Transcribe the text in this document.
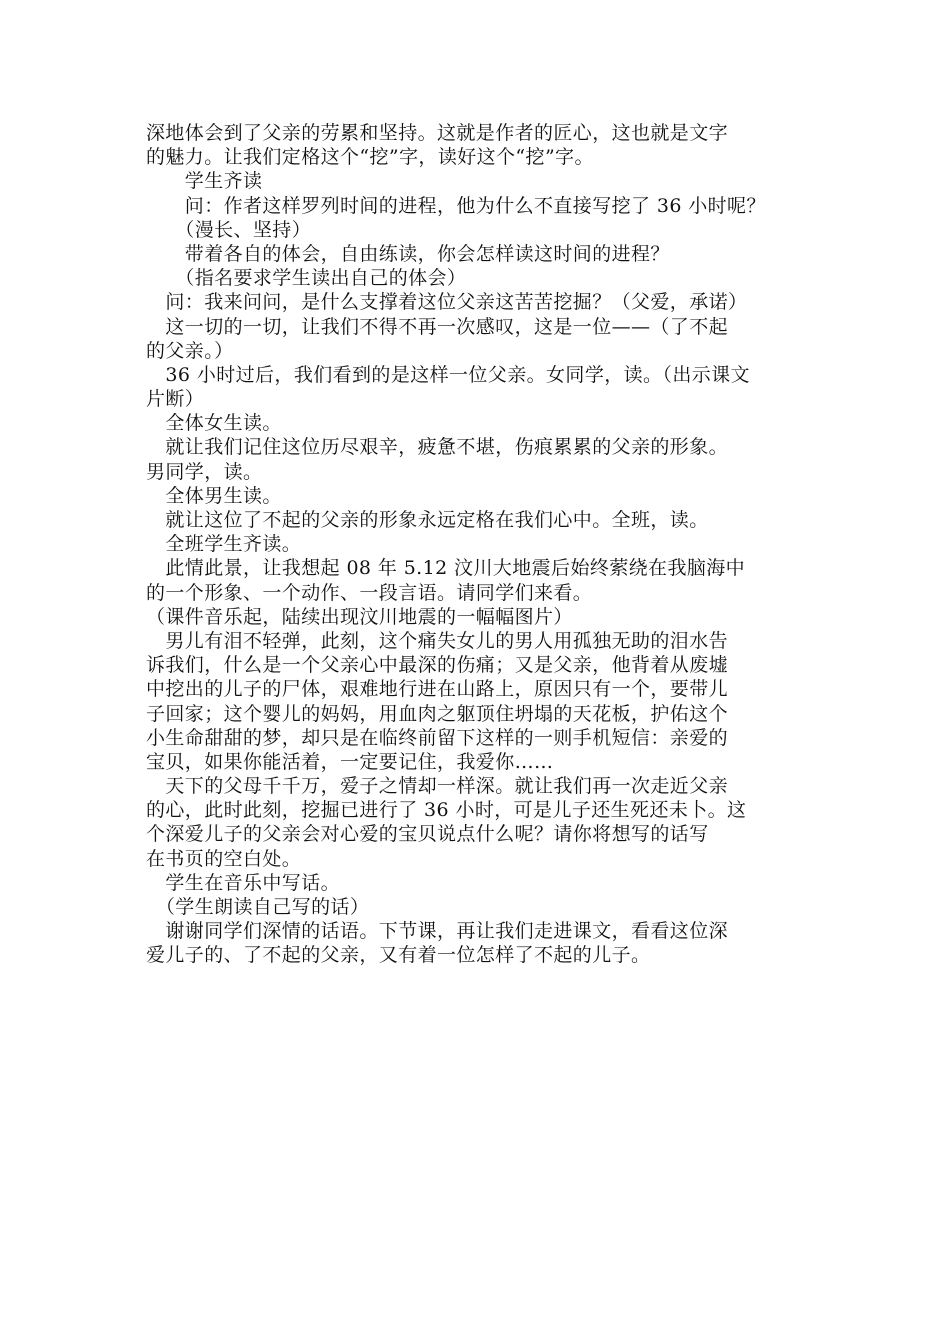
深地体会到了父亲的劳累和坚持。这就是作者的匠心，这也就是文字
的魅力。让我们定格这个“挖”字，读好这个“挖”字。
　　学生齐读
　　问：作者这样罗列时间的进程，他为什么不直接写挖了 36 小时呢？
　　（漫长、坚持）
　　带着各自的体会，自由练读，你会怎样读这时间的进程？
　　（指名要求学生读出自己的体会）
　问：我来问问，是什么支撑着这位父亲这苦苦挖掘？（父爱，承诺）
　这一切的一切，让我们不得不再一次感叹，这是一位——（了不起
的父亲。）
　36 小时过后，我们看到的是这样一位父亲。女同学，读。（出示课文
片断）
　全体女生读。
　就让我们记住这位历尽艰辛，疲惫不堪，伤痕累累的父亲的形象。
男同学，读。
　全体男生读。
　就让这位了不起的父亲的形象永远定格在我们心中。全班，读。
　全班学生齐读。
　此情此景，让我想起 08 年 5.12 汶川大地震后始终萦绕在我脑海中
的一个形象、一个动作、一段言语。请同学们来看。
（课件音乐起，陆续出现汶川地震的一幅幅图片）
　男儿有泪不轻弹，此刻，这个痛失女儿的男人用孤独无助的泪水告
诉我们，什么是一个父亲心中最深的伤痛；又是父亲，他背着从废墟
中挖出的儿子的尸体，艰难地行进在山路上，原因只有一个，要带儿
子回家；这个婴儿的妈妈，用血肉之躯顶住坍塌的天花板，护佑这个
小生命甜甜的梦，却只是在临终前留下这样的一则手机短信：亲爱的
宝贝，如果你能活着，一定要记住，我爱你……
　天下的父母千千万，爱子之情却一样深。就让我们再一次走近父亲
的心，此时此刻，挖掘已进行了 36 小时，可是儿子还生死还未卜。这
个深爱儿子的父亲会对心爱的宝贝说点什么呢？请你将想写的话写
在书页的空白处。
　学生在音乐中写话。
　（学生朗读自己写的话）
　谢谢同学们深情的话语。下节课，再让我们走进课文，看看这位深
爱儿子的、了不起的父亲，又有着一位怎样了不起的儿子。
